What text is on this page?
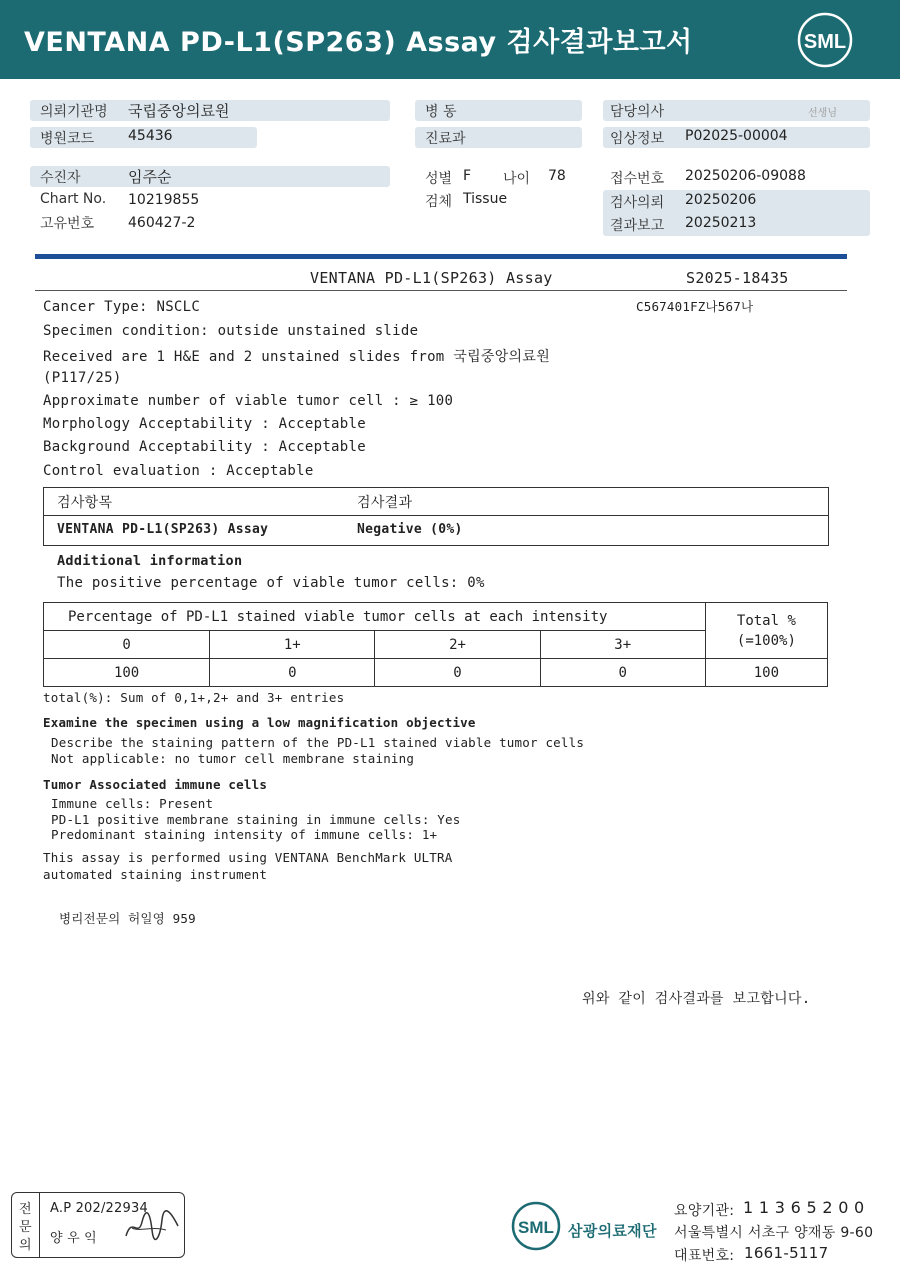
VENTANA PD-L1(SP263) Assay 검사결과보고서	SML
의뢰기관명 국립중앙의료원
병원코드 45436
병 동
진료과
담당의사	선생님
임상정보 P02025-00004
수진자	임주순
Chart No. 10219855
고유번호 460427-2
성별 F 나이 78
검체 Tissue
접수번호 20250206-09088
검사의뢰 20250206
결과보고 20250213
VENTANA PD-L1(SP263) Assay	S2025-18435
C567401FZ나567나
Cancer Type: NSCLC
Specimen condition: outside unstained slide
Received are 1 H&E and 2 unstained slides from 국립중앙의료원
(P117/25)
Approximate number of viable tumor cell : ≥ 100
Morphology Acceptability : Acceptable
Background Acceptability : Acceptable
Control evaluation : Acceptable
검사항목	검사결과
VENTANA PD-L1(SP263) Assay	Negative (0%)
Additional information
The positive percentage of viable tumor cells: 0%
Percentage of PD-L1 stained viable tumor cells at each intensity				Total %
(=100%)

0	1+	2+	3+	
100	0	0	0	100
total(%): Sum of 0,1+,2+ and 3+ entries
Examine the specimen using a low magnification objective
Describe the staining pattern of the PD-L1 stained viable tumor cells
Not applicable: no tumor cell membrane staining
Tumor Associated immune cells
Immune cells: Present
PD-L1 positive membrane staining in immune cells: Yes
Predominant staining intensity of immune cells: 1+
This assay is performed using VENTANA BenchMark ULTRA
automated staining instrument
병리전문의 허일영 959
위와 같이 검사결과를 보고합니다.
전
문
의
A.P 202/22934
양 우 익
SML 삼광의료재단
요양기관: 1 1 3 6 5 2 0 0
서울특별시 서초구 양재동 9-60
대표번호: 1661-5117
